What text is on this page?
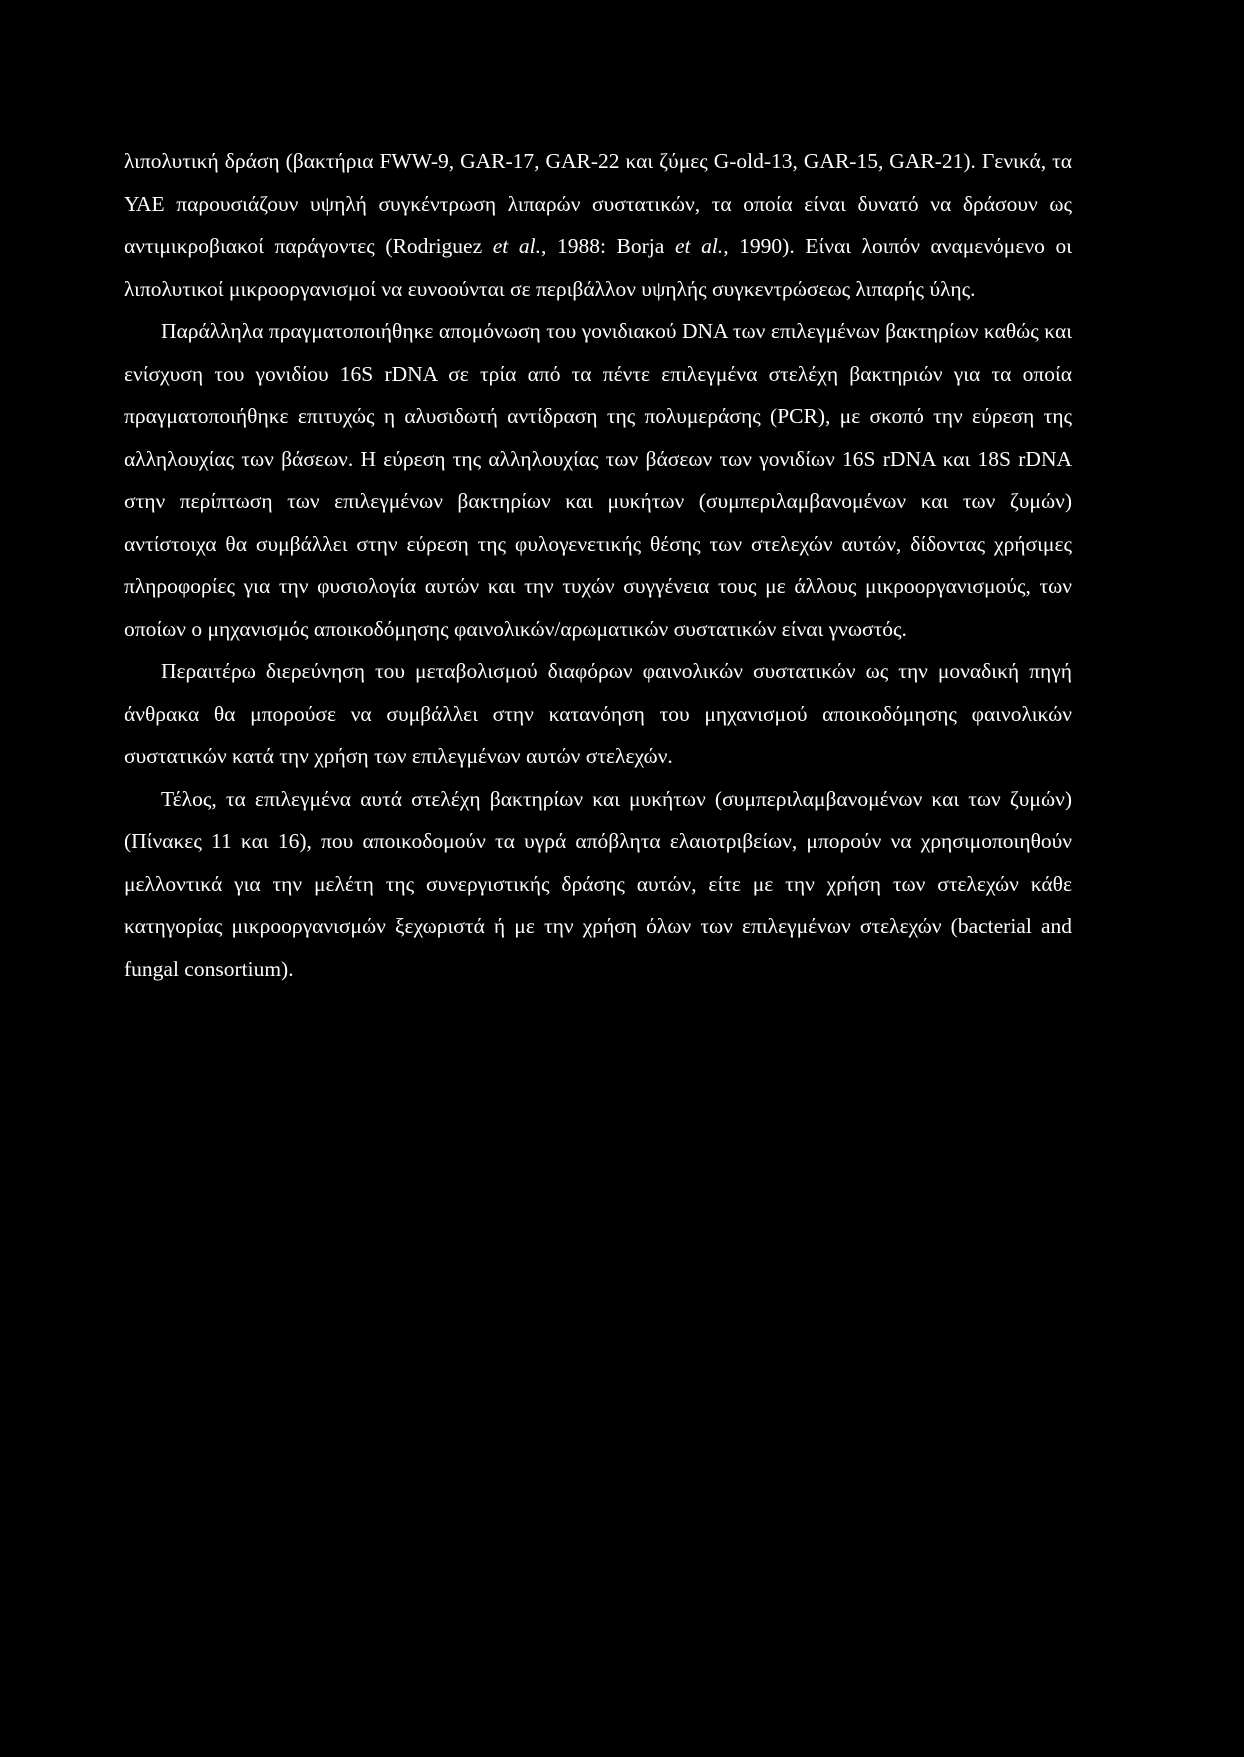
λιπολυτική δράση (βακτήρια FWW-9, GAR-17, GAR-22 και ζύμες G-old-13, GAR-15, GAR-21). Γενικά, τα ΥΑΕ παρουσιάζουν υψηλή συγκέντρωση λιπαρών συστατικών, τα οποία είναι δυνατό να δράσουν ως αντιμικροβιακοί παράγοντες (Rodriguez et al., 1988: Borja et al., 1990). Είναι λοιπόν αναμενόμενο οι λιπολυτικοί μικροοργανισμοί να ευνοούνται σε περιβάλλον υψηλής συγκεντρώσεως λιπαρής ύλης.

Παράλληλα πραγματοποιήθηκε απομόνωση του γονιδιακού DNA των επιλεγμένων βακτηρίων καθώς και ενίσχυση του γονιδίου 16S rDNA σε τρία από τα πέντε επιλεγμένα στελέχη βακτηριών για τα οποία πραγματοποιήθηκε επιτυχώς η αλυσιδωτή αντίδραση της πολυμεράσης (PCR), με σκοπό την εύρεση της αλληλουχίας των βάσεων. Η εύρεση της αλληλουχίας των βάσεων των γονιδίων 16S rDNA και 18S rDNA στην περίπτωση των επιλεγμένων βακτηρίων και μυκήτων (συμπεριλαμβανομένων και των ζυμών) αντίστοιχα θα συμβάλλει στην εύρεση της φυλογενετικής θέσης των στελεχών αυτών, δίδοντας χρήσιμες πληροφορίες για την φυσιολογία αυτών και την τυχών συγγένεια τους με άλλους μικροοργανισμούς, των οποίων ο μηχανισμός αποικοδόμησης φαινολικών/αρωματικών συστατικών είναι γνωστός.

Περαιτέρω διερεύνηση του μεταβολισμού διαφόρων φαινολικών συστατικών ως την μοναδική πηγή άνθρακα θα μπορούσε να συμβάλλει στην κατανόηση του μηχανισμού αποικοδόμησης φαινολικών συστατικών κατά την χρήση των επιλεγμένων αυτών στελεχών.

Τέλος, τα επιλεγμένα αυτά στελέχη βακτηρίων και μυκήτων (συμπεριλαμβανομένων και των ζυμών) (Πίνακες 11 και 16), που αποικοδομούν τα υγρά απόβλητα ελαιοτριβείων, μπορούν να χρησιμοποιηθούν μελλοντικά για την μελέτη της συνεργιστικής δράσης αυτών, είτε με την χρήση των στελεχών κάθε κατηγορίας μικροοργανισμών ξεχωριστά ή με την χρήση όλων των επιλεγμένων στελεχών (bacterial and fungal consortium).
